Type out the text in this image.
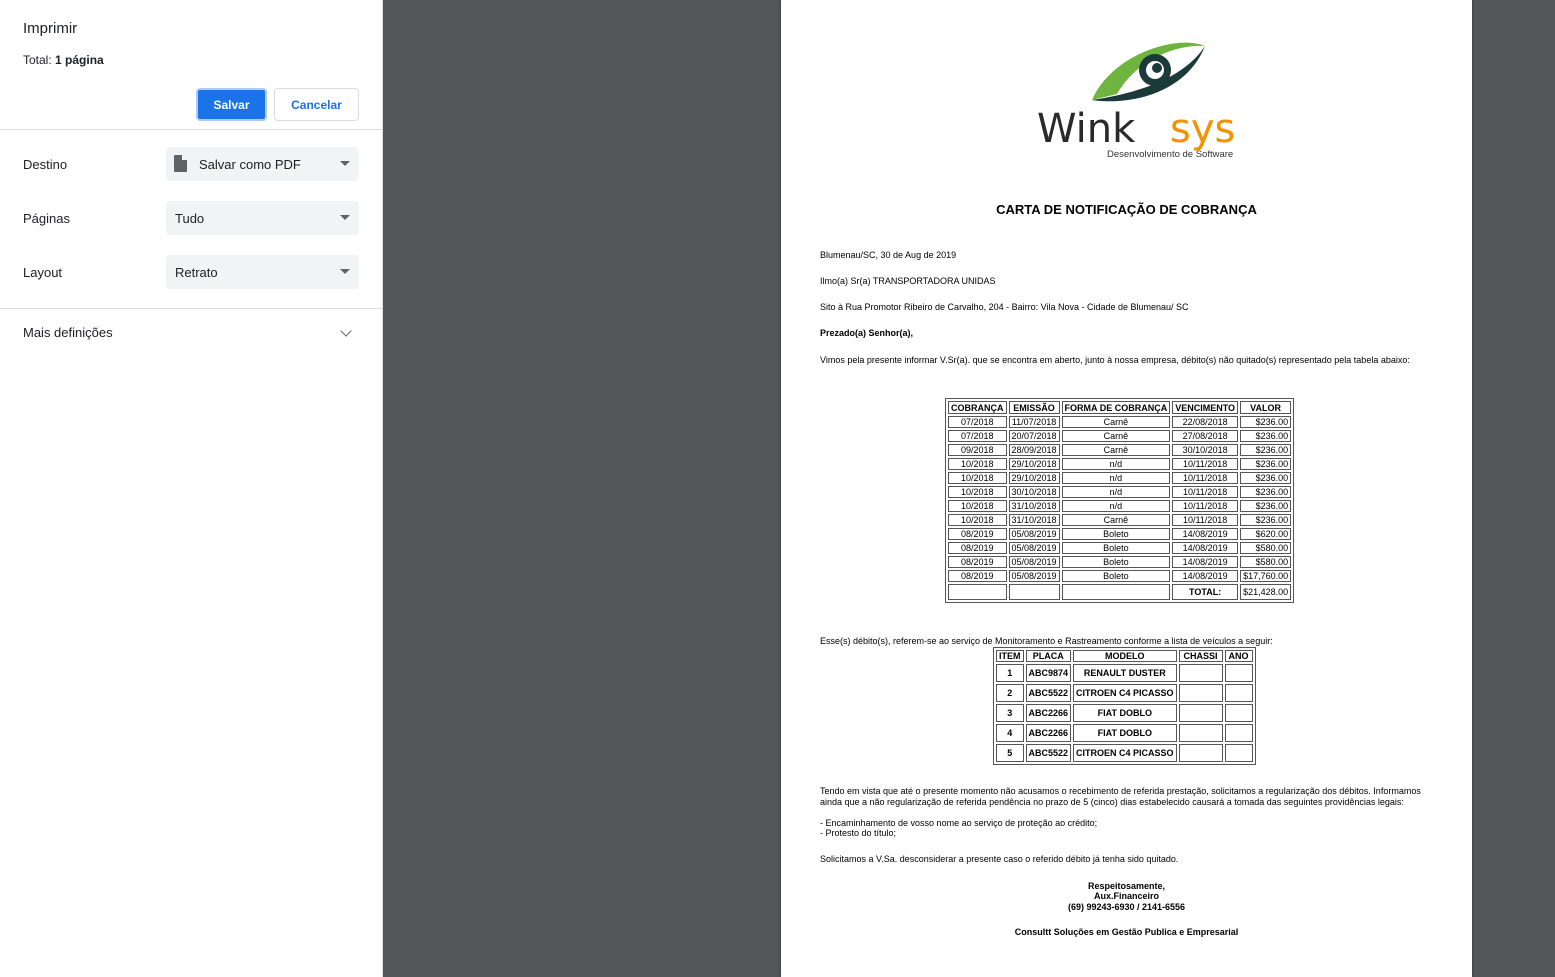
Imprimir
Total: 1 página
Salvar	Cancelar
Destino	Salvar como PDF
Páginas	Tudo
Layout	Retrato
Mais definições
Wink sys
Desenvolvimento de Software
CARTA DE NOTIFICAÇÃO DE COBRANÇA
Blumenau/SC, 30 de Aug de 2019
Ilmo(a) Sr(a) TRANSPORTADORA UNIDAS
Sito à Rua Promotor Ribeiro de Carvalho, 204 - Bairro: Vila Nova - Cidade de Blumenau/ SC
Prezado(a) Senhor(a),
Vimos pela presente informar V.Sr(a). que se encontra em aberto, junto à nossa empresa, débito(s) não quitado(s) representado pela tabela abaixo:
COBRANÇA	EMISSÃO	FORMA DE COBRANÇA	VENCIMENTO	VALOR
07/2018	11/07/2018	Carnê	22/08/2018	$236.00
07/2018	20/07/2018	Carnê	27/08/2018	$236.00
09/2018	28/09/2018	Carnê	30/10/2018	$236.00
10/2018	29/10/2018	n/d	10/11/2018	$236.00
10/2018	29/10/2018	n/d	10/11/2018	$236.00
10/2018	30/10/2018	n/d	10/11/2018	$236.00
10/2018	31/10/2018	n/d	10/11/2018	$236.00
10/2018	31/10/2018	Carnê	10/11/2018	$236.00
08/2019	05/08/2019	Boleto	14/08/2019	$620.00
08/2019	05/08/2019	Boleto	14/08/2019	$580.00
08/2019	05/08/2019	Boleto	14/08/2019	$580.00
08/2019	05/08/2019	Boleto	14/08/2019	$17,760.00
			TOTAL:	$21,428.00
Esse(s) débito(s), referem-se ao serviço de Monitoramento e Rastreamento conforme a lista de veículos a seguir:
ITEM	PLACA	MODELO	CHASSI	ANO
1	ABC9874	RENAULT DUSTER		
2	ABC5522	CITROEN C4 PICASSO		
3	ABC2266	FIAT DOBLO		
4	ABC2266	FIAT DOBLO		
5	ABC5522	CITROEN C4 PICASSO		
Tendo em vista que até o presente momento não acusamos o recebimento de referida prestação, solicitamos a regularização dos débitos. Informamos ainda que a não regularização de referida pendência no prazo de 5 (cinco) dias estabelecido causará a tomada das seguintes providências legais:
- Encaminhamento de vosso nome ao serviço de proteção ao crédito;
- Protesto do título;
Solicitamos a V.Sa. desconsiderar a presente caso o referido débito já tenha sido quitado.
Respeitosamente,
Aux.Financeiro
(69) 99243-6930 / 2141-6556
Consultt Soluções em Gestão Publica e Empresarial
